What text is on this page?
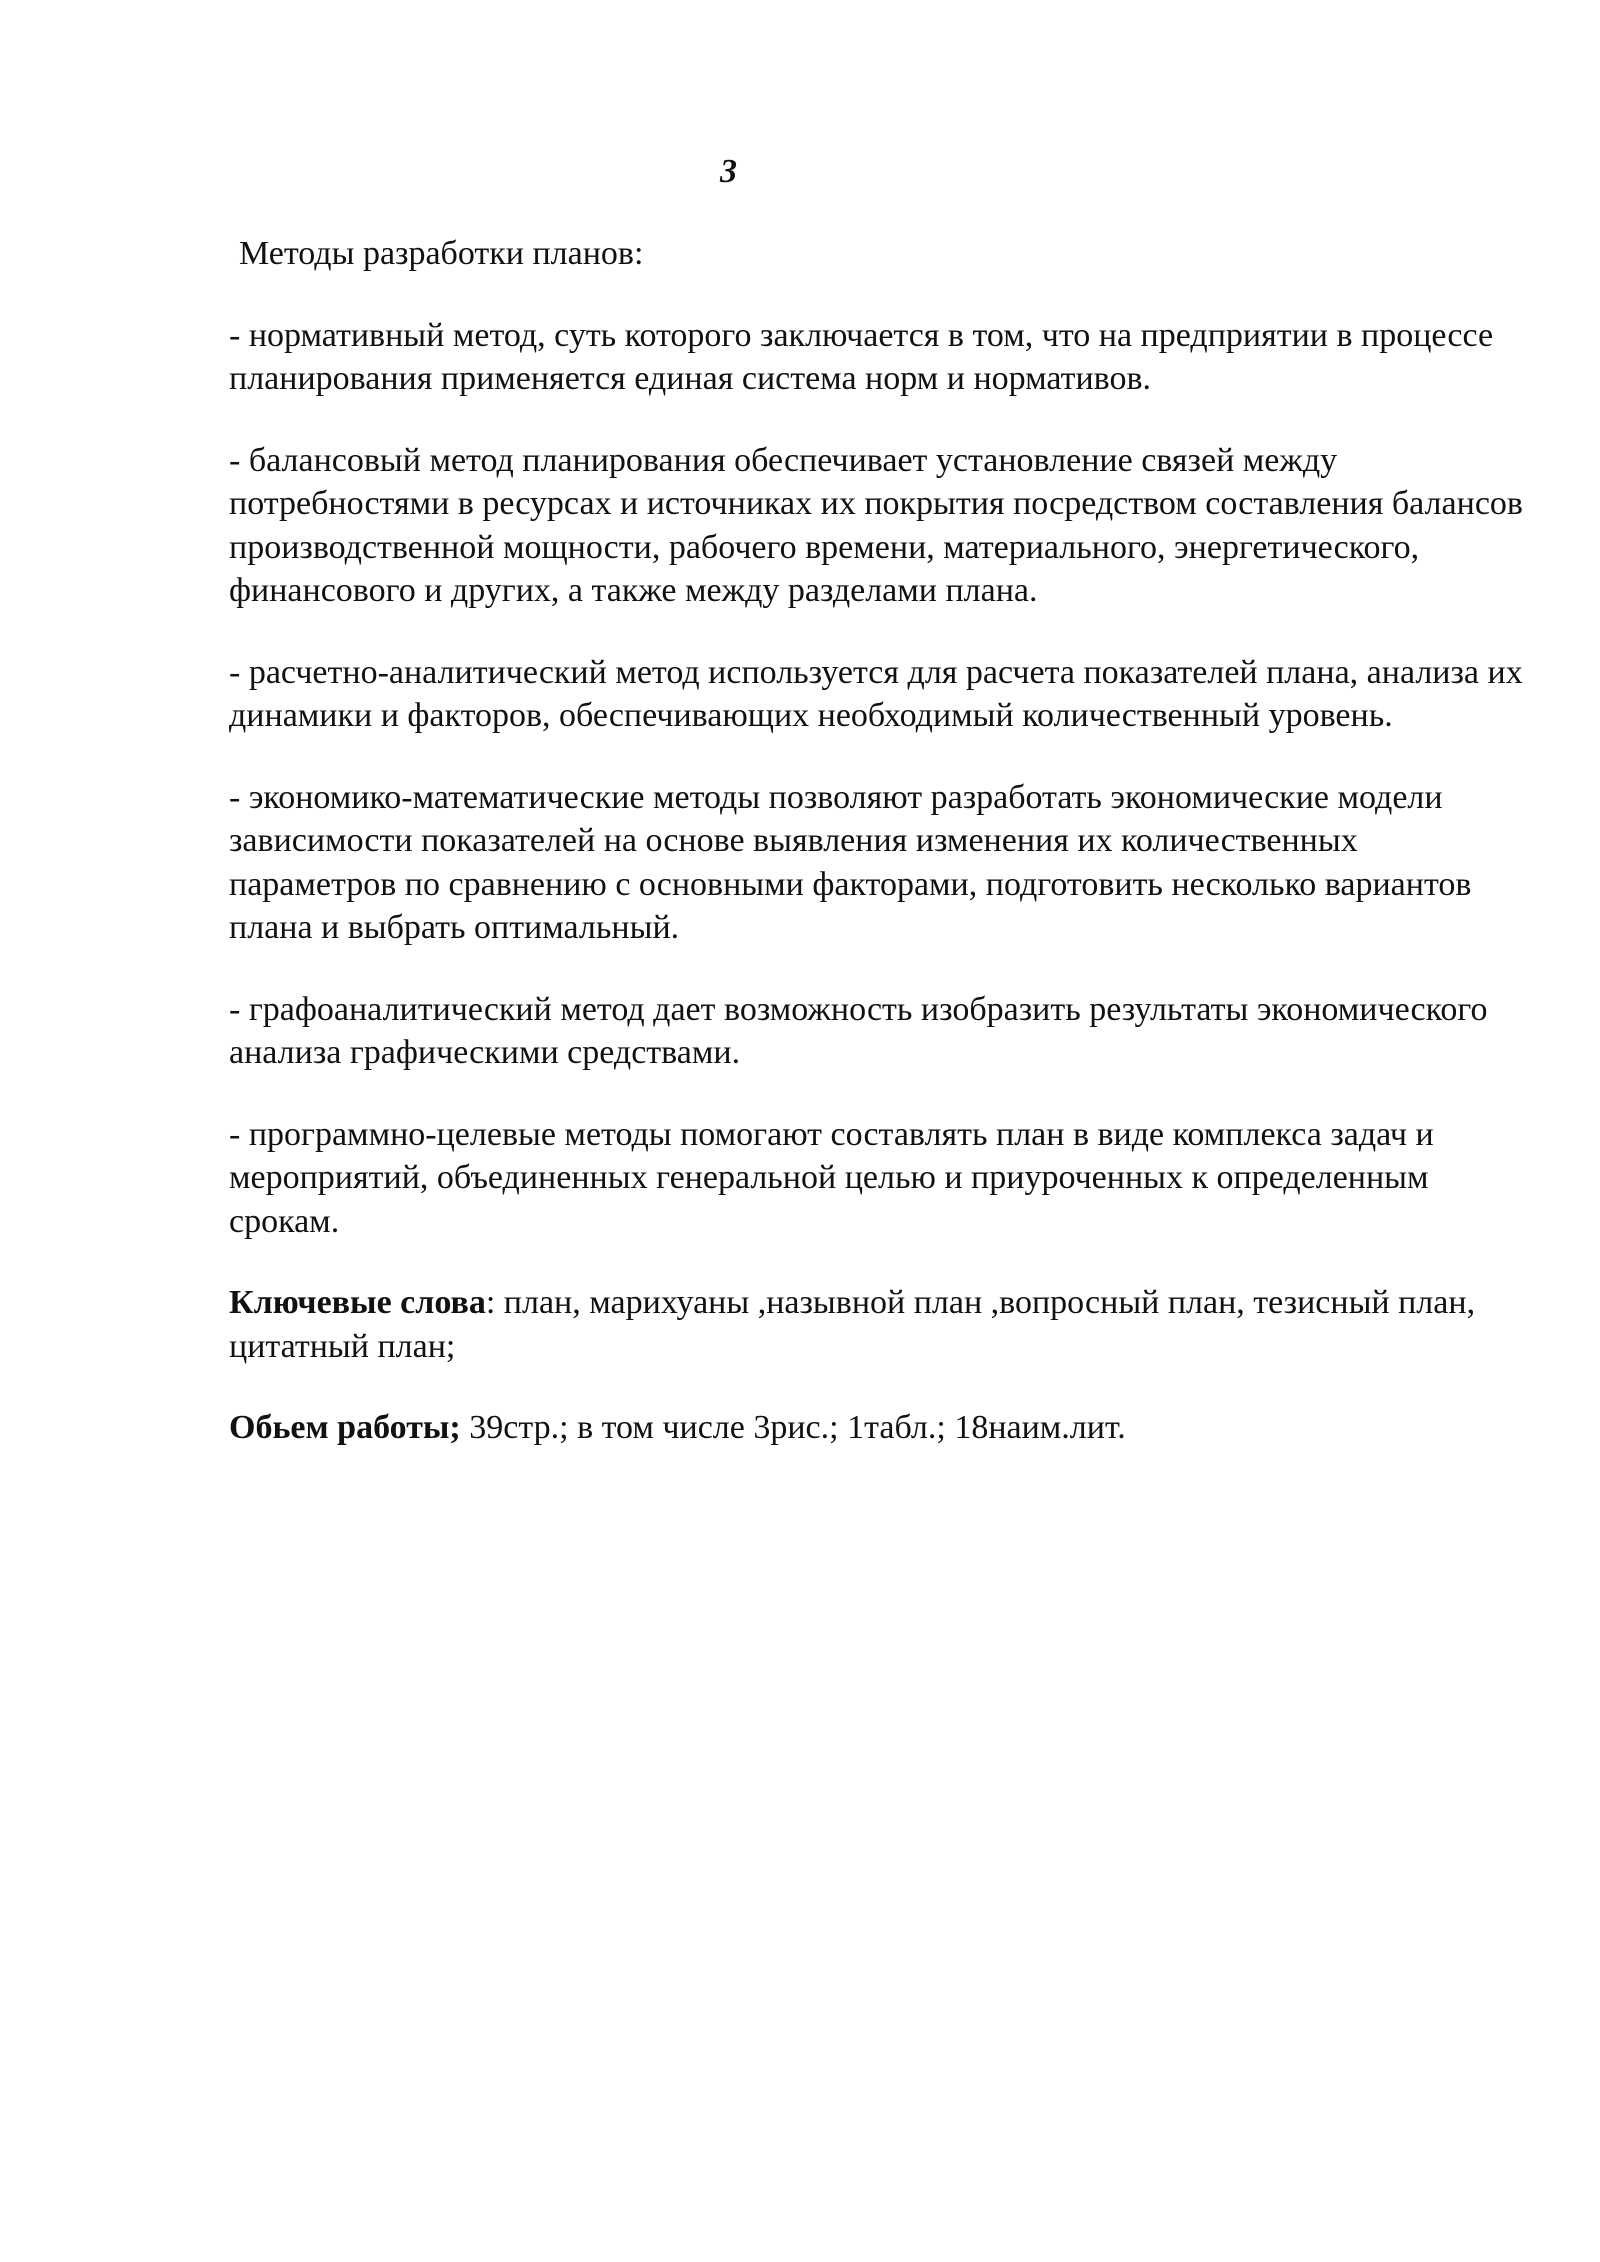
3

Методы разработки планов:

- нормативный метод, суть которого заключается в том, что на предприятии в процессе планирования применяется единая система норм и нормативов.

- балансовый метод планирования обеспечивает установление связей между потребностями в ресурсах и источниках их покрытия посредством составления балансов производственной мощности, рабочего времени, материального, энергетического, финансового и других, а также между разделами плана.

- расчетно-аналитический метод используется для расчета показателей плана, анализа их динамики и факторов, обеспечивающих необходимый количественный уровень.

- экономико-математические методы позволяют разработать экономические модели зависимости показателей на основе выявления изменения их количественных параметров по сравнению с основными факторами, подготовить несколько вариантов плана и выбрать оптимальный.

- графоаналитический метод дает возможность изобразить результаты экономического анализа графическими средствами.

- программно-целевые методы помогают составлять план в виде комплекса задач и мероприятий, объединенных генеральной целью и приуроченных к определенным срокам.

Ключевые слова: план, марихуаны ,назывной план ,вопросный план, тезисный план, цитатный план;

Обьем работы; 39стр.; в том числе 3рис.; 1табл.; 18наим.лит.
